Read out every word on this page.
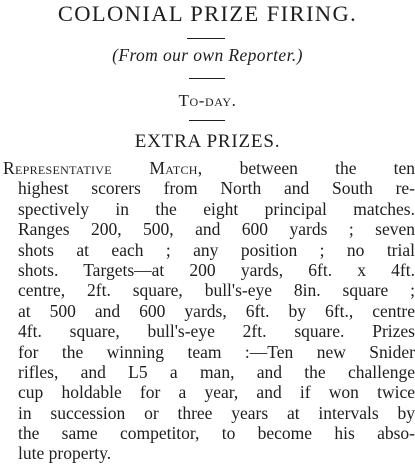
COLONIAL PRIZE FIRING.
(From our own Reporter.)
To-day.
EXTRA PRIZES.
Representative Match, between the ten
highest scorers from North and South re-
spectively in the eight principal matches.
Ranges 200, 500, and 600 yards ; seven
shots at each ; any position ; no trial
shots. Targets—at 200 yards, 6ft. x 4ft.
centre, 2ft. square, bull's-eye 8in. square ;
at 500 and 600 yards, 6ft. by 6ft., centre
4ft. square, bull's-eye 2ft. square. Prizes
for the winning team :—Ten new Snider
rifles, and L5 a man, and the challenge
cup holdable for a year, and if won twice
in succession or three years at intervals by
the same competitor, to become his abso-
lute property.
